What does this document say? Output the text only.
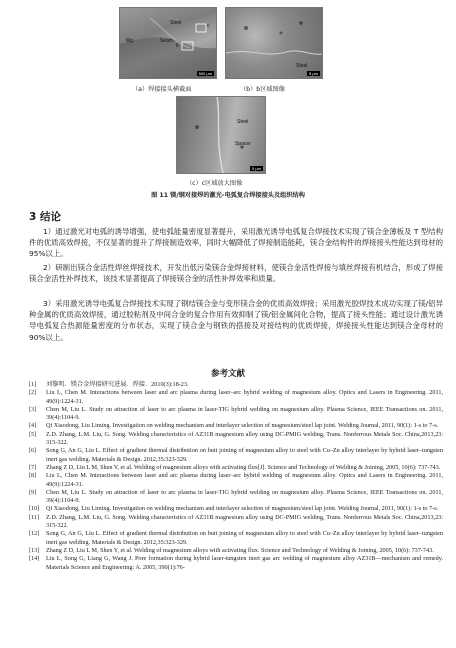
Mg
Steel
Seam
b
c
500 μm
（a）焊接接头横截面
Steel
5 μm
（b）b区域图像
Steel
Spacer
5 μm
（c）c区域放大图像
图 11 镁/钢对接焊的激光-电弧复合焊接接头及组织结构
3 结论

1）通过激光对电弧的诱导增强，使电弧能量密度显著提升，采用激光诱导电弧复合焊接技术实现了镁合金薄板及 T 型结构件的优质高效焊接，不仅显著的提升了焊接制造效率，同时大幅降低了焊接制造能耗，镁合金结构件的焊接接头性能达到母材的 95%以上。

2）研制出镁合金活性焊丝焊接技术，开发出低污染镁合金焊接材料，使镁合金活性焊接与填丝焊接有机结合，形成了焊接镁合金活性补焊技术，该技术显著提高了焊接镁合金的活性补焊效率和质量。

3）采用激光诱导电弧复合焊接技术实现了钢结镁合金与变形镁合金的优质高效焊接；采用激光胶焊技术成功实现了镁/铝异种金属的优质高效焊接，通过胶粘剂及中间合金的复合作用有效抑制了镁/铝金属间化合物，提高了接头性能；通过设计激光诱导电弧复合热源能量密度的分布状态，实现了镁合金与钢铁的搭接及对接结构的优质焊接，焊接接头性能达到镁合金母材的 90%以上。

参考文献
[1]	刘黎明．镁合金焊接研究进展．焊接．2010(3):18-23.
[2]	Liu L, Chen M. Interactions between laser and arc plasma during laser–arc hybrid welding of magnesium alloy. Optics and Lasers in Engineering. 2011, 49(9):1224-31.
[3]	Chen M, Liu L. Study on attraction of laser to arc plasma in laser-TIG hybrid welding on magnesium alloy. Plasma Science, IEEE Transactions on. 2011, 39(4):1104-9.
[4]	Qi Xiaodong, Liu Liming. Investigation on welding mechanism and interlayer selection of magnesium/steel lap joint. Welding Journal, 2011, 90(1): 1-s to 7-s.
[5]	Z.D. Zhang, L.M. Liu, G. Song. Welding characteristics of AZ31B magnesium alloy using DC-PMIG welding, Trans. Nonferrous Metals Soc. China,2013,23: 315-322.
[6]	Song G, An G, Liu L. Effect of gradient thermal distribution on butt joining of magnesium alloy to steel with Cu–Zn alloy interlayer by hybrid laser–tungsten inert gas welding. Materials & Design. 2012,35:323-329.
[7]	Zhang Z D, Liu L M, Shen Y, et al. Welding of magnesium alloys with activating flux[J]. Science and Technology of Welding & Joining, 2005, 10(6): 737-743.
[8]	Liu L, Chen M. Interactions between laser and arc plasma during laser–arc hybrid welding of magnesium alloy. Optics and Lasers in Engineering. 2011, 49(9):1224-31.
[9]	Chen M, Liu L. Study on attraction of laser to arc plasma in laser-TIG hybrid welding on magnesium alloy. Plasma Science, IEEE Transactions on. 2011, 39(4):1104-9.
[10]	Qi Xiaodong, Liu Liming. Investigation on welding mechanism and interlayer selection of magnesium/steel lap joint. Welding Journal, 2011, 90(1): 1-s to 7-s.
[11]	Z.D. Zhang, L.M. Liu, G. Song. Welding characteristics of AZ31B magnesium alloy using DC-PMIG welding, Trans. Nonferrous Metals Soc. China,2013,23: 315-322.
[12]	Song G, An G, Liu L. Effect of gradient thermal distribution on butt joining of magnesium alloy to steel with Cu–Zn alloy interlayer by hybrid laser–tungsten inert gas welding. Materials & Design. 2012,35:323-329.
[13]	Zhang Z D, Liu L M, Shen Y, et al. Welding of magnesium alloys with activating flux. Science and Technology of Welding & Joining, 2005, 10(6): 737-743.
[14]	Liu L, Song G, Liang G, Wang J. Pore formation during hybrid laser-tungsten inert gas arc welding of magnesium alloy AZ31B—mechanism and remedy. Materials Science and Engineering: A. 2005, 390(1):76-
